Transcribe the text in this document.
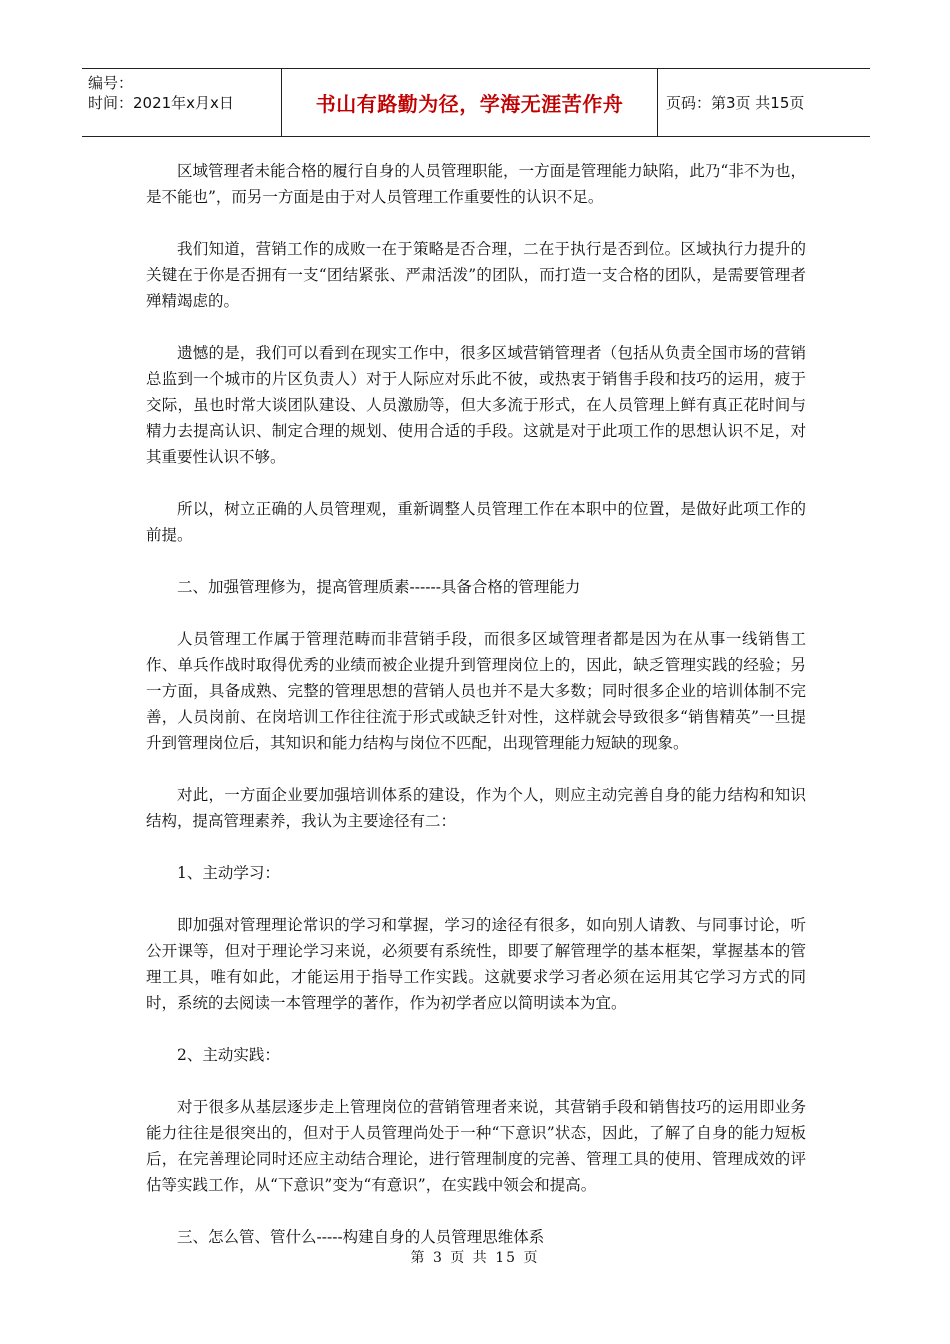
编号：
时间：2021年x月x日	书山有路勤为径，学海无涯苦作舟	页码：第3页 共15页

区域管理者未能合格的履行自身的人员管理职能，一方面是管理能力缺陷，此乃“非不为也，是不能也”，而另一方面是由于对人员管理工作重要性的认识不足。

我们知道，营销工作的成败一在于策略是否合理，二在于执行是否到位。区域执行力提升的关键在于你是否拥有一支“团结紧张、严肃活泼”的团队，而打造一支合格的团队，是需要管理者殚精竭虑的。

遗憾的是，我们可以看到在现实工作中，很多区域营销管理者（包括从负责全国市场的营销总监到一个城市的片区负责人）对于人际应对乐此不彼，或热衷于销售手段和技巧的运用，疲于交际，虽也时常大谈团队建设、人员激励等，但大多流于形式，在人员管理上鲜有真正花时间与精力去提高认识、制定合理的规划、使用合适的手段。这就是对于此项工作的思想认识不足，对其重要性认识不够。

所以，树立正确的人员管理观，重新调整人员管理工作在本职中的位置，是做好此项工作的前提。

二、加强管理修为，提高管理质素------具备合格的管理能力

人员管理工作属于管理范畴而非营销手段，而很多区域管理者都是因为在从事一线销售工作、单兵作战时取得优秀的业绩而被企业提升到管理岗位上的，因此，缺乏管理实践的经验；另一方面，具备成熟、完整的管理思想的营销人员也并不是大多数；同时很多企业的培训体制不完善，人员岗前、在岗培训工作往往流于形式或缺乏针对性，这样就会导致很多“销售精英”一旦提升到管理岗位后，其知识和能力结构与岗位不匹配，出现管理能力短缺的现象。

对此，一方面企业要加强培训体系的建设，作为个人，则应主动完善自身的能力结构和知识结构，提高管理素养，我认为主要途径有二：

1、主动学习：

即加强对管理理论常识的学习和掌握，学习的途径有很多，如向别人请教、与同事讨论，听公开课等，但对于理论学习来说，必须要有系统性，即要了解管理学的基本框架，掌握基本的管理工具，唯有如此，才能运用于指导工作实践。这就要求学习者必须在运用其它学习方式的同时，系统的去阅读一本管理学的著作，作为初学者应以简明读本为宜。

2、主动实践：

对于很多从基层逐步走上管理岗位的营销管理者来说，其营销手段和销售技巧的运用即业务能力往往是很突出的，但对于人员管理尚处于一种“下意识”状态，因此，了解了自身的能力短板后，在完善理论同时还应主动结合理论，进行管理制度的完善、管理工具的使用、管理成效的评估等实践工作，从“下意识”变为“有意识”，在实践中领会和提高。

三、怎么管、管什么-----构建自身的人员管理思维体系

第 3 页 共 15 页
